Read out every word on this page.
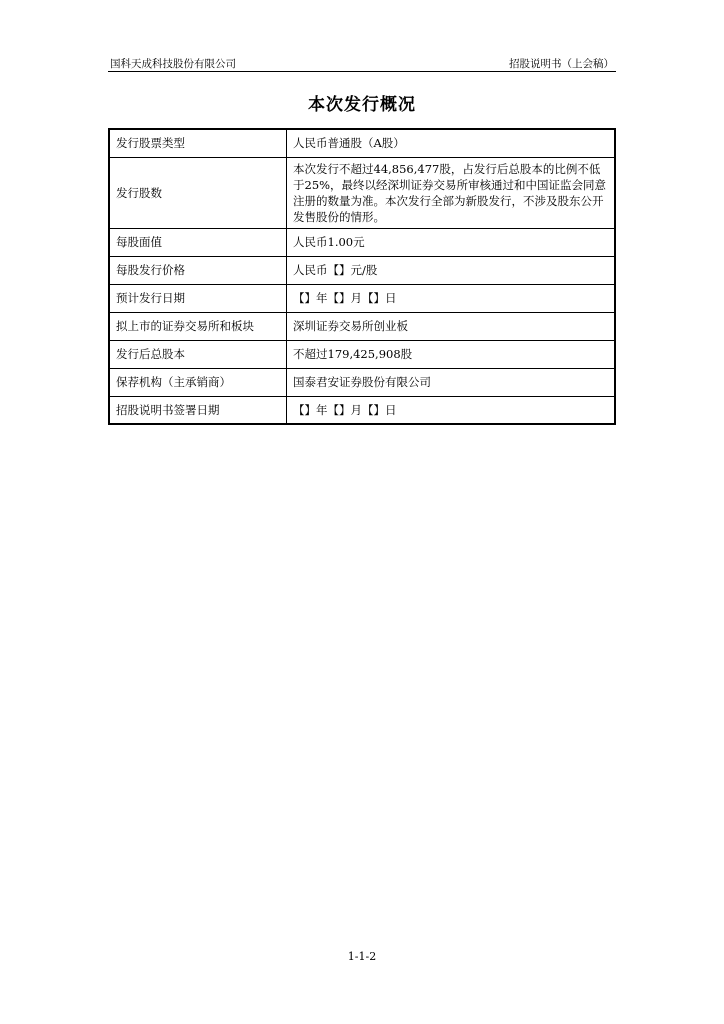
国科天成科技股份有限公司	招股说明书（上会稿）
本次发行概况
发行股票类型	人民币普通股（A股）
发行股数	本次发行不超过44,856,477股，占发行后总股本的比例不低于25%，最终以经深圳证券交易所审核通过和中国证监会同意注册的数量为准。本次发行全部为新股发行，不涉及股东公开发售股份的情形。
每股面值	人民币1.00元
每股发行价格	人民币【】元/股
预计发行日期	【】年【】月【】日
拟上市的证券交易所和板块	深圳证券交易所创业板
发行后总股本	不超过179,425,908股
保荐机构（主承销商）	国泰君安证券股份有限公司
招股说明书签署日期	【】年【】月【】日
1-1-2
